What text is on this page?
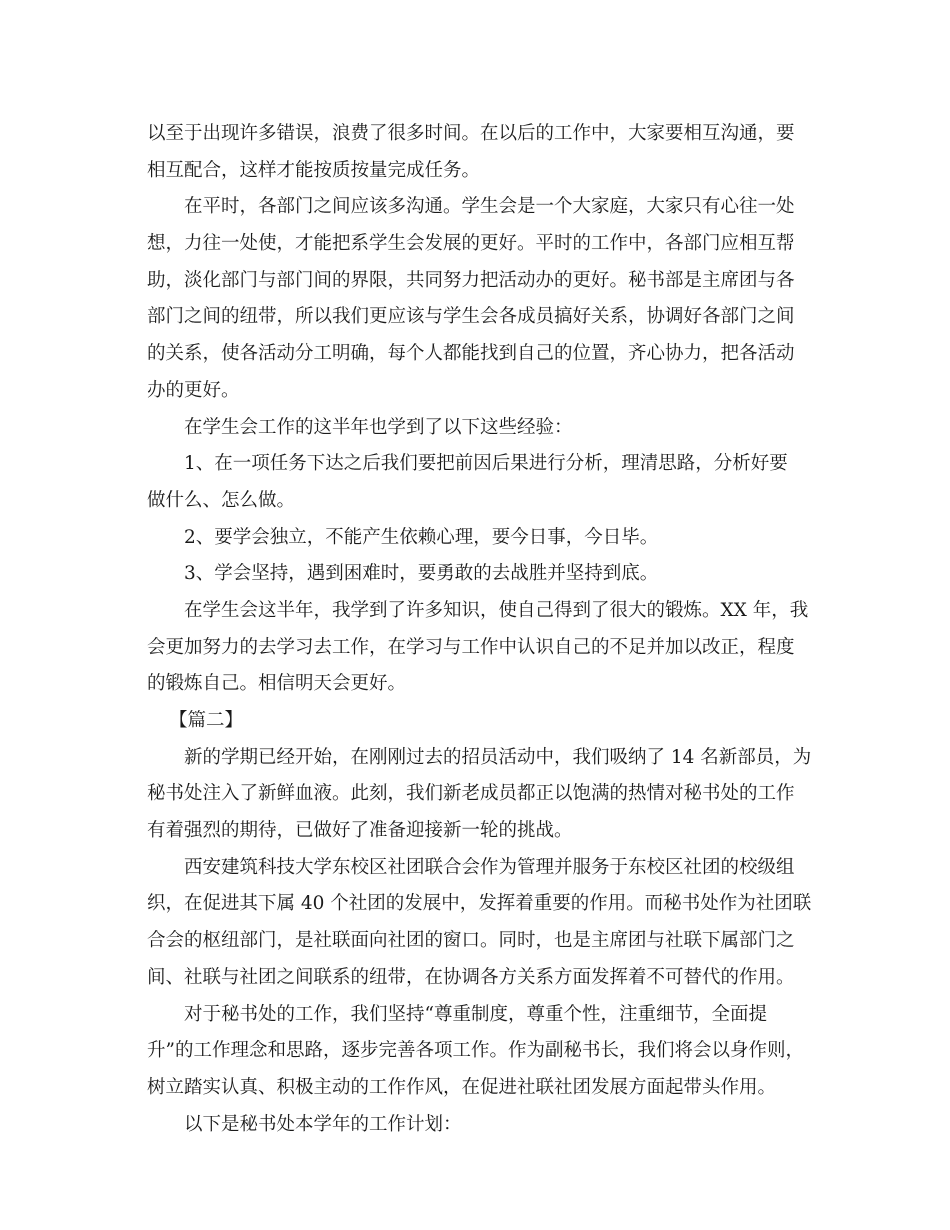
以至于出现许多错误，浪费了很多时间。在以后的工作中，大家要相互沟通，要
相互配合，这样才能按质按量完成任务。
在平时，各部门之间应该多沟通。学生会是一个大家庭，大家只有心往一处
想，力往一处使，才能把系学生会发展的更好。平时的工作中，各部门应相互帮
助，淡化部门与部门间的界限，共同努力把活动办的更好。秘书部是主席团与各
部门之间的纽带，所以我们更应该与学生会各成员搞好关系，协调好各部门之间
的关系，使各活动分工明确，每个人都能找到自己的位置，齐心协力，把各活动
办的更好。
在学生会工作的这半年也学到了以下这些经验：
1、在一项任务下达之后我们要把前因后果进行分析，理清思路，分析好要
做什么、怎么做。
2、要学会独立，不能产生依赖心理，要今日事，今日毕。
3、学会坚持，遇到困难时，要勇敢的去战胜并坚持到底。
在学生会这半年，我学到了许多知识，使自己得到了很大的锻炼。XX 年，我
会更加努力的去学习去工作，在学习与工作中认识自己的不足并加以改正，程度
的锻炼自己。相信明天会更好。
【篇二】
新的学期已经开始，在刚刚过去的招员活动中，我们吸纳了 14 名新部员，为
秘书处注入了新鲜血液。此刻，我们新老成员都正以饱满的热情对秘书处的工作
有着强烈的期待，已做好了准备迎接新一轮的挑战。
西安建筑科技大学东校区社团联合会作为管理并服务于东校区社团的校级组
织，在促进其下属 40 个社团的发展中，发挥着重要的作用。而秘书处作为社团联
合会的枢纽部门，是社联面向社团的窗口。同时，也是主席团与社联下属部门之
间、社联与社团之间联系的纽带，在协调各方关系方面发挥着不可替代的作用。
对于秘书处的工作，我们坚持“尊重制度，尊重个性，注重细节，全面提
升”的工作理念和思路，逐步完善各项工作。作为副秘书长，我们将会以身作则，
树立踏实认真、积极主动的工作作风，在促进社联社团发展方面起带头作用。
以下是秘书处本学年的工作计划：
